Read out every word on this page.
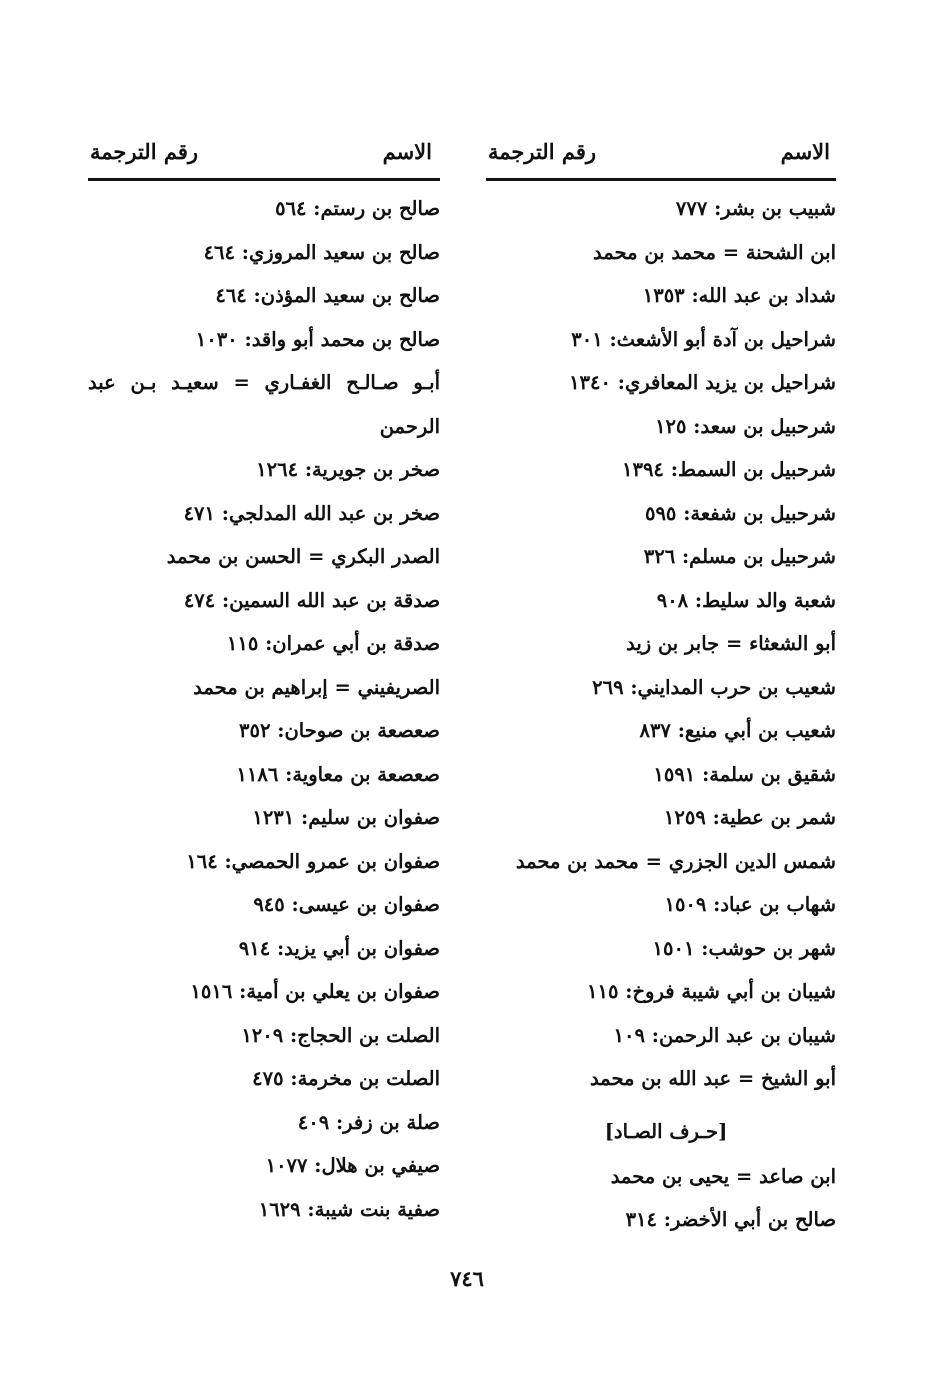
الاسم
رقم الترجمة
شبيب بن بشر: ٧٧٧
ابن الشحنة = محمد بن محمد
شداد بن عبد الله: ١٣٥٣
شراحيل بن آدة أبو الأشعث: ٣٠١
شراحيل بن يزيد المعافري: ١٣٤٠
شرحبيل بن سعد: ١٢٥
شرحبيل بن السمط: ١٣٩٤
شرحبيل بن شفعة: ٥٩٥
شرحبيل بن مسلم: ٣٢٦
شعبة والد سليط: ٩٠٨
أبو الشعثاء = جابر بن زيد
شعيب بن حرب المدايني: ٢٦٩
شعيب بن أبي منيع: ٨٣٧
شقيق بن سلمة: ١٥٩١
شمر بن عطية: ١٢٥٩
شمس الدين الجزري = محمد بن محمد
شهاب بن عباد: ١٥٠٩
شهر بن حوشب: ١٥٠١
شيبان بن أبي شيبة فروخ: ١١٥
شيبان بن عبد الرحمن: ١٠٩
أبو الشيخ = عبد الله بن محمد
[حـرف الصـاد]
ابن صاعد = يحيى بن محمد
صالح بن أبي الأخضر: ٣١٤
الاسم
رقم الترجمة
صالح بن رستم: ٥٦٤
صالح بن سعيد المروزي: ٤٦٤
صالح بن سعيد المؤذن: ٤٦٤
صالح بن محمد أبو واقد: ١٠٣٠
أبـو صـالـح الغفـاري = سعيـد بـن عبد الرحمن
صخر بن جويرية: ١٢٦٤
صخر بن عبد الله المدلجي: ٤٧١
الصدر البكري = الحسن بن محمد
صدقة بن عبد الله السمين: ٤٧٤
صدقة بن أبي عمران: ١١٥
الصريفيني = إبراهيم بن محمد
صعصعة بن صوحان: ٣٥٢
صعصعة بن معاوية: ١١٨٦
صفوان بن سليم: ١٢٣١
صفوان بن عمرو الحمصي: ١٦٤
صفوان بن عيسى: ٩٤٥
صفوان بن أبي يزيد: ٩١٤
صفوان بن يعلي بن أمية: ١٥١٦
الصلت بن الحجاج: ١٢٠٩
الصلت بن مخرمة: ٤٧٥
صلة بن زفر: ٤٠٩
صيفي بن هلال: ١٠٧٧
صفية بنت شيبة: ١٦٢٩
٧٤٦
